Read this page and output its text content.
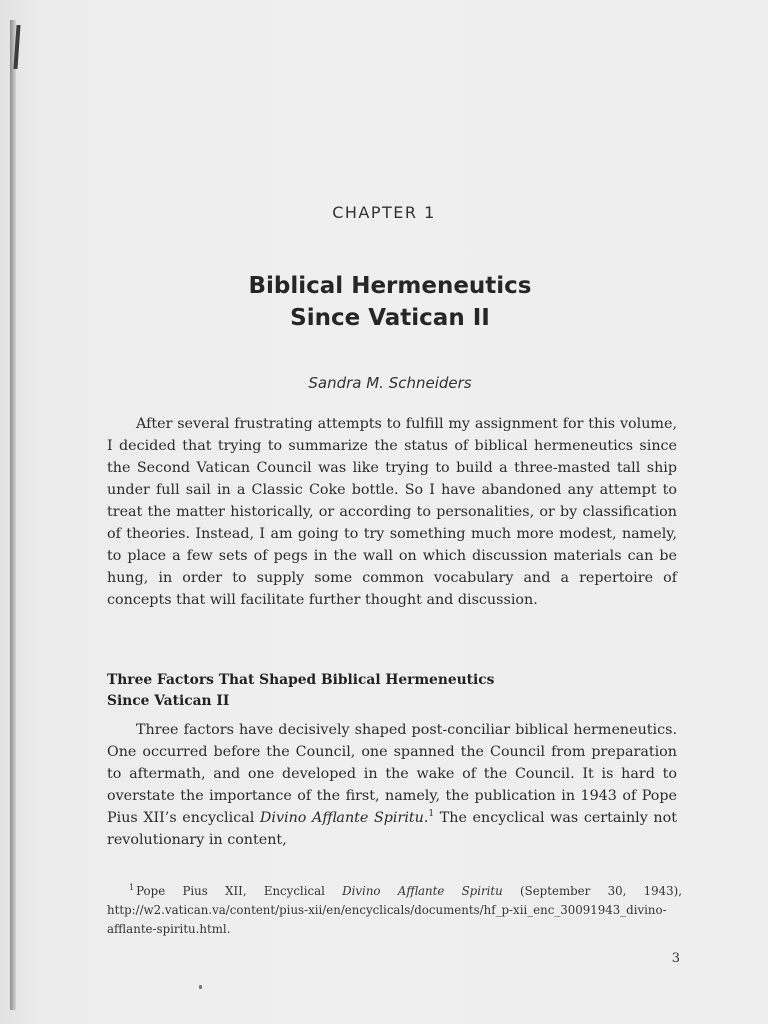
CHAPTER 1
Biblical Hermeneutics
Since Vatican II
Sandra M. Schneiders

After several frustrating attempts to fulfill my assignment for this volume, I decided that trying to summarize the status of biblical hermeneutics since the Second Vatican Council was like trying to build a three-masted tall ship under full sail in a Classic Coke bottle. So I have abandoned any attempt to treat the matter historically, or according to personalities, or by classification of theories. Instead, I am going to try something much more modest, namely, to place a few sets of pegs in the wall on which discussion materials can be hung, in order to supply some common vocabulary and a repertoire of concepts that will facilitate further thought and discussion.

Three Factors That Shaped Biblical Hermeneutics
Since Vatican II

Three factors have decisively shaped post-conciliar biblical hermeneutics. One occurred before the Council, one spanned the Council from preparation to aftermath, and one developed in the wake of the Council. It is hard to overstate the importance of the first, namely, the publication in 1943 of Pope Pius XII’s encyclical Divino Afflante Spiritu.$^1$ The encyclical was certainly not revolutionary in content,

$^1$ Pope Pius XII, Encyclical Divino Afflante Spiritu (September 30, 1943), http://w2.vatican.va/content/pius-xii/en/encyclicals/documents/hf_p-xii_enc_30091943_divino-afflante-spiritu.html.
3
